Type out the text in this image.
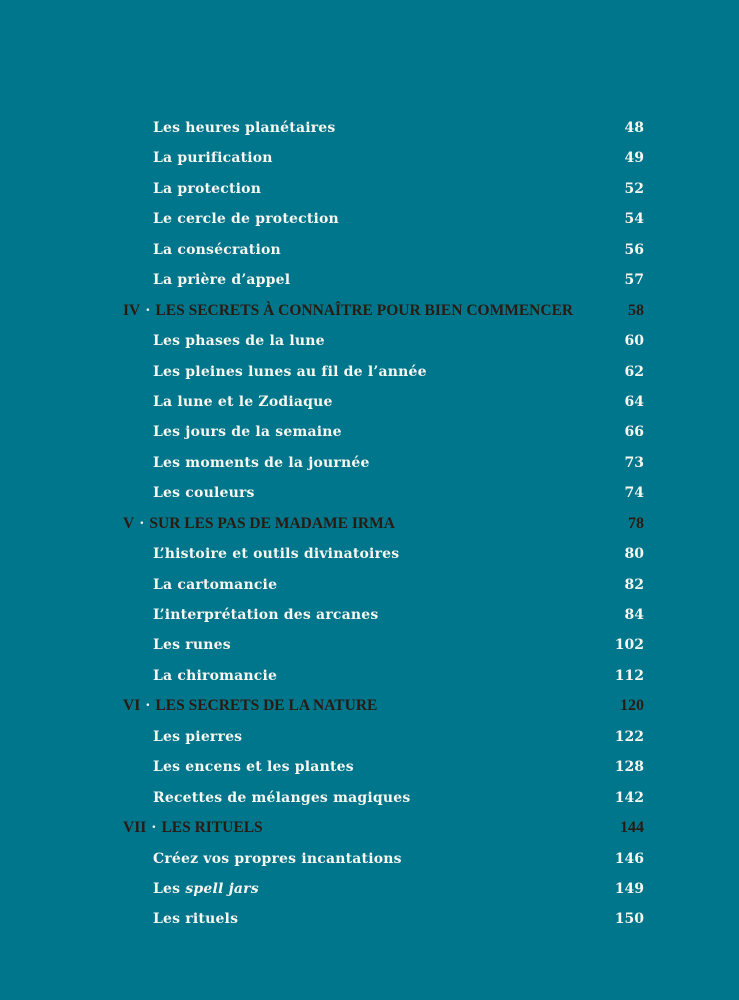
Les heures planétaires	48
La purification	49
La protection	52
Le cercle de protection	54
La consécration	56
La prière d’appel	57
IV · LES SECRETS À CONNAÎTRE POUR BIEN COMMENCER	58
Les phases de la lune	60
Les pleines lunes au fil de l’année	62
La lune et le Zodiaque	64
Les jours de la semaine	66
Les moments de la journée	73
Les couleurs	74
V · SUR LES PAS DE MADAME IRMA	78
L’histoire et outils divinatoires	80
La cartomancie	82
L’interprétation des arcanes	84
Les runes	102
La chiromancie	112
VI · LES SECRETS DE LA NATURE	120
Les pierres	122
Les encens et les plantes	128
Recettes de mélanges magiques	142
VII · LES RITUELS	144
Créez vos propres incantations	146
Les spell jars	149
Les rituels	150
